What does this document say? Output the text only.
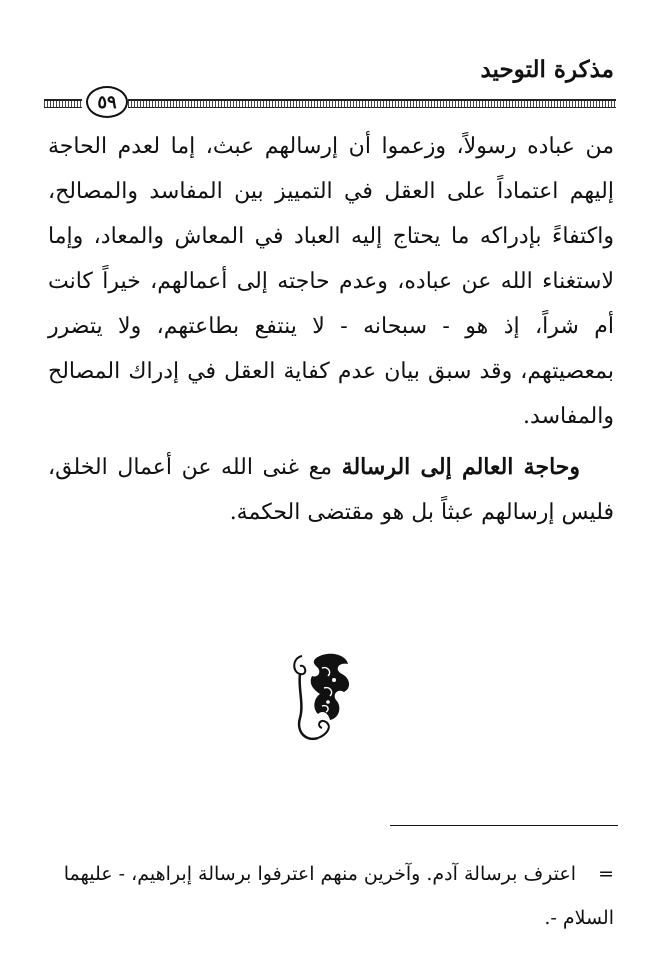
مذكرة التوحيد
٥٩

من عباده رسولاً، وزعموا أن إرسالهم عبث، إما لعدم الحاجة إليهم اعتماداً على العقل في التمييز بين المفاسد والمصالح، واكتفاءً بإدراكه ما يحتاج إليه العباد في المعاش والمعاد، وإما لاستغناء الله عن عباده، وعدم حاجته إلى أعمالهم، خيراً كانت أم شراً، إذ هو - سبحانه - لا ينتفع بطاعتهم، ولا يتضرر بمعصيتهم، وقد سبق بيان عدم كفاية العقل في إدراك المصالح والمفاسد.

وحاجة العالم إلى الرسالة مع غنى الله عن أعمال الخلق، فليس إرسالهم عبثاً بل هو مقتضى الحكمة.

=اعترف برسالة آدم. وآخرين منهم اعترفوا برسالة إبراهيم، - عليهما السلام -.
